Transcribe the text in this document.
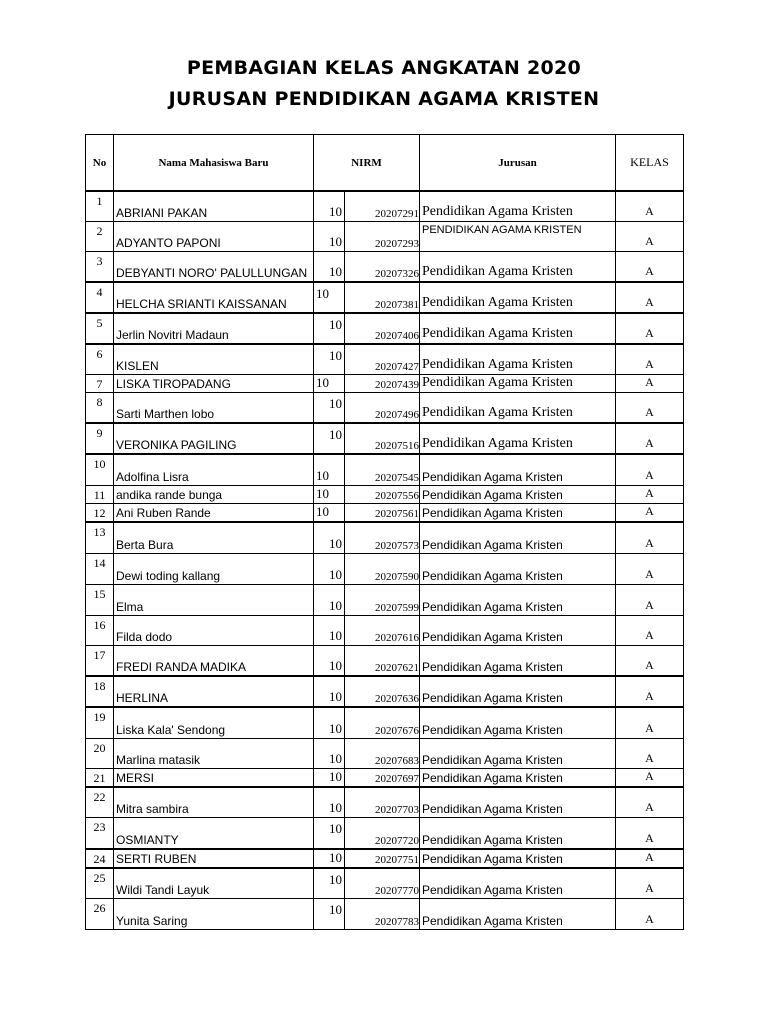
PEMBAGIAN KELAS ANGKATAN 2020
JURUSAN PENDIDIKAN AGAMA KRISTEN
No	Nama Mahasiswa Baru	NIRM		Jurusan	KELAS
1	ABRIANI PAKAN	10	20207291	Pendidikan Agama Kristen	A
2	ADYANTO PAPONI	10	20207293	PENDIDIKAN AGAMA KRISTEN	A
3	DEBYANTI NORO' PALULLUNGAN	10	20207326	Pendidikan Agama Kristen	A
4	HELCHA SRIANTI KAISSANAN	10	20207381	Pendidikan Agama Kristen	A
5	Jerlin Novitri Madaun	10	20207406	Pendidikan Agama Kristen	A
6	KISLEN	10	20207427	Pendidikan Agama Kristen	A
7	LISKA TIROPADANG	10	20207439	Pendidikan Agama Kristen	A
8	Sarti Marthen lobo	10	20207496	Pendidikan Agama Kristen	A
9	VERONIKA PAGILING	10	20207516	Pendidikan Agama Kristen	A
10	Adolfina Lisra	10	20207545	Pendidikan Agama Kristen	A
11	andika rande bunga	10	20207556	Pendidikan Agama Kristen	A
12	Ani Ruben Rande	10	20207561	Pendidikan Agama Kristen	A
13	Berta Bura	10	20207573	Pendidikan Agama Kristen	A
14	Dewi toding kallang	10	20207590	Pendidikan Agama Kristen	A
15	Elma	10	20207599	Pendidikan Agama Kristen	A
16	Filda dodo	10	20207616	Pendidikan Agama Kristen	A
17	FREDI RANDA MADIKA	10	20207621	Pendidikan Agama Kristen	A
18	HERLINA	10	20207636	Pendidikan Agama Kristen	A
19	Liska Kala' Sendong	10	20207676	Pendidikan Agama Kristen	A
20	Marlina matasik	10	20207683	Pendidikan Agama Kristen	A
21	MERSI	10	20207697	Pendidikan Agama Kristen	A
22	Mitra sambira	10	20207703	Pendidikan Agama Kristen	A
23	OSMIANTY	10	20207720	Pendidikan Agama Kristen	A
24	SERTI RUBEN	10	20207751	Pendidikan Agama Kristen	A
25	Wildi Tandi Layuk	10	20207770	Pendidikan Agama Kristen	A
26	Yunita Saring	10	20207783	Pendidikan Agama Kristen	A
